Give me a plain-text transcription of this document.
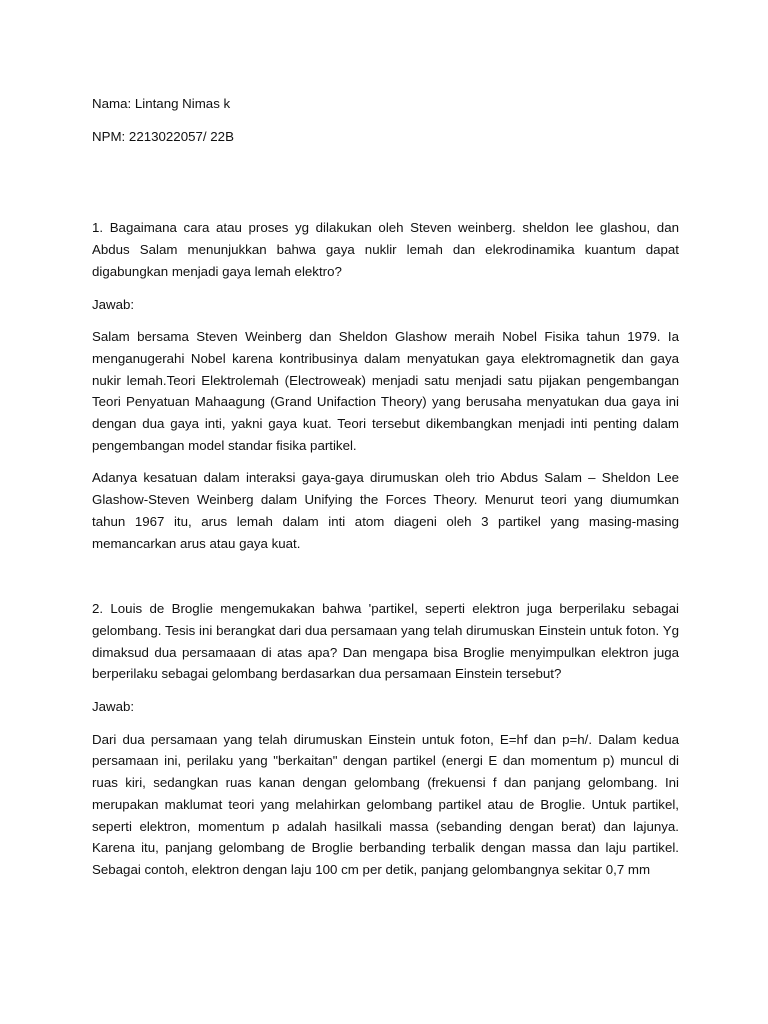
Nama: Lintang Nimas k

NPM: 2213022057/ 22B

1. Bagaimana cara atau proses yg dilakukan oleh Steven weinberg. sheldon lee glashou, dan Abdus Salam menunjukkan bahwa gaya nuklir lemah dan elekrodinamika kuantum dapat digabungkan menjadi gaya lemah elektro?

Jawab:

Salam bersama Steven Weinberg dan Sheldon Glashow meraih Nobel Fisika tahun 1979. Ia menganugerahi Nobel karena kontribusinya dalam menyatukan gaya elektromagnetik dan gaya nukir lemah.Teori Elektrolemah (Electroweak) menjadi satu menjadi satu pijakan pengembangan Teori Penyatuan Mahaagung (Grand Unifaction Theory) yang berusaha menyatukan dua gaya ini dengan dua gaya inti, yakni gaya kuat. Teori tersebut dikembangkan menjadi inti penting dalam pengembangan model standar fisika partikel.

Adanya kesatuan dalam interaksi gaya-gaya dirumuskan oleh trio Abdus Salam – Sheldon Lee Glashow-Steven Weinberg dalam Unifying the Forces Theory. Menurut teori yang diumumkan tahun 1967 itu, arus lemah dalam inti atom diageni oleh 3 partikel yang masing-masing memancarkan arus atau gaya kuat.

2. Louis de Broglie mengemukakan bahwa 'partikel, seperti elektron juga berperilaku sebagai gelombang. Tesis ini berangkat dari dua persamaan yang telah dirumuskan Einstein untuk foton. Yg dimaksud dua persamaaan di atas apa? Dan mengapa bisa Broglie menyimpulkan elektron juga berperilaku sebagai gelombang berdasarkan dua persamaan Einstein tersebut?

Jawab:

Dari dua persamaan yang telah dirumuskan Einstein untuk foton, E=hf dan p=h/. Dalam kedua persamaan ini, perilaku yang "berkaitan" dengan partikel (energi E dan momentum p) muncul di ruas kiri, sedangkan ruas kanan dengan gelombang (frekuensi f dan panjang gelombang. Ini merupakan maklumat teori yang melahirkan gelombang partikel atau de Broglie. Untuk partikel, seperti elektron, momentum p adalah hasilkali massa (sebanding dengan berat) dan lajunya. Karena itu, panjang gelombang de Broglie berbanding terbalik dengan massa dan laju partikel. Sebagai contoh, elektron dengan laju 100 cm per detik, panjang gelombangnya sekitar 0,7 mm
